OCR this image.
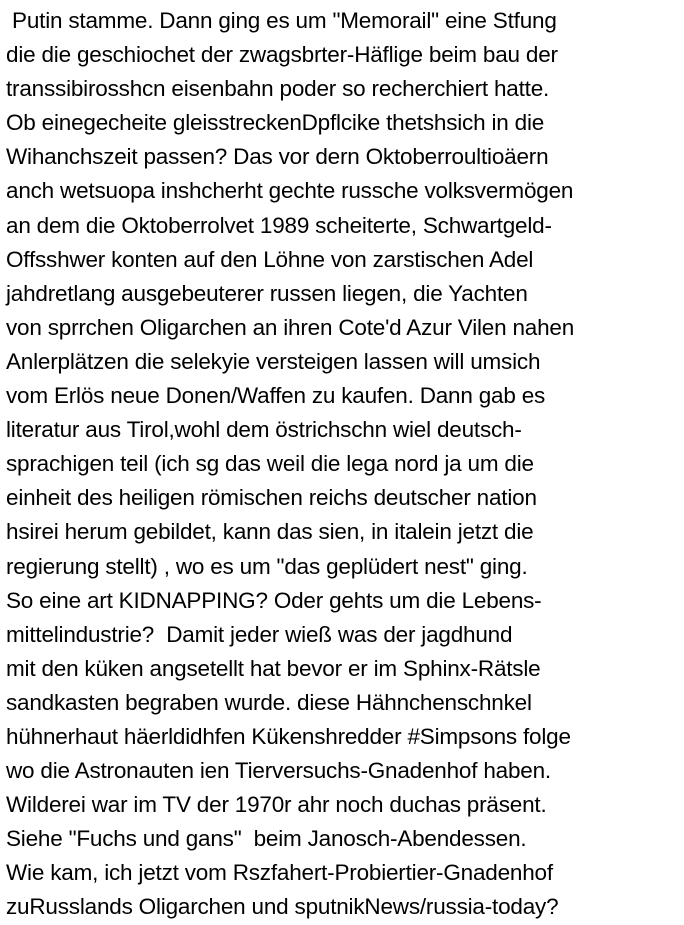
Putin stamme. Dann ging es um "Memorail" eine Stfung
die die geschiochet der zwagsbrter-Häflige beim bau der
transsibirosshcn eisenbahn poder so recherchiert hatte.
Ob einegecheite gleisstreckenDpflcike thetshsich in die
Wihanchszeit passen? Das vor dern Oktoberroultioäern
anch wetsuopa inshcherht gechte russche volksvermögen
an dem die Oktoberrolvet 1989 scheiterte, Schwartgeld-
Offsshwer konten auf den Löhne von zarstischen Adel
jahdretlang ausgebeuterer russen liegen, die Yachten
von sprrchen Oligarchen an ihren Cote'd Azur Vilen nahen
Anlerplätzen die selekyie versteigen lassen will umsich
vom Erlös neue Donen/Waffen zu kaufen. Dann gab es
literatur aus Tirol,wohl dem östrichschn wiel deutsch-
sprachigen teil (ich sg das weil die lega nord ja um die
einheit des heiligen römischen reichs deutscher nation
hsirei herum gebildet, kann das sien, in italein jetzt die
regierung stellt) , wo es um "das geplüdert nest" ging.
So eine art KIDNAPPING? Oder gehts um die Lebens-
mittelindustrie?  Damit jeder wieß was der jagdhund
mit den küken angsetellt hat bevor er im Sphinx-Rätsle
sandkasten begraben wurde. diese Hähnchenschnkel
hühnerhaut häerldidhfen Kükenshredder #Simpsons folge
wo die Astronauten ien Tierversuchs-Gnadenhof haben.
Wilderei war im TV der 1970r ahr noch duchas präsent.
Siehe "Fuchs und gans"  beim Janosch-Abendessen.
Wie kam, ich jetzt vom Rszfahert-Probiertier-Gnadenhof
zuRusslands Oligarchen und sputnikNews/russia-today?
